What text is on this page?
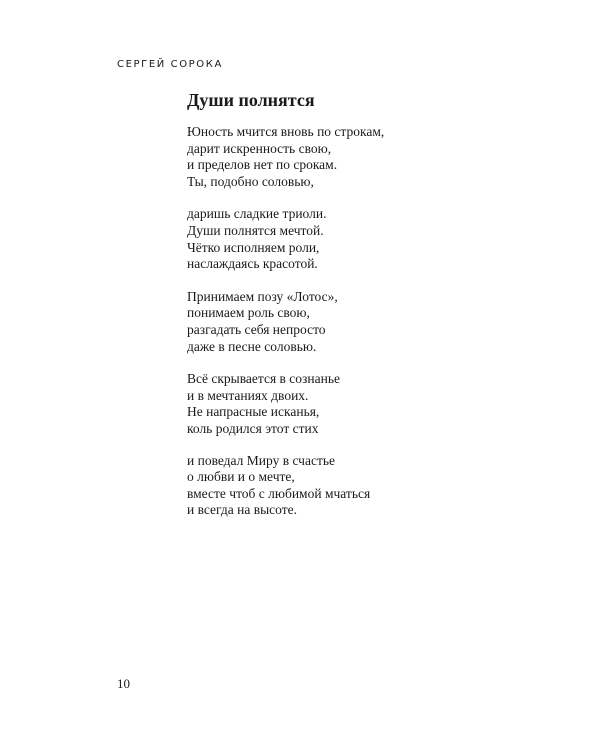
СЕРГЕЙ СОРОКА
Души полнятся
Юность мчится вновь по строкам,
дарит искренность свою,
и пределов нет по срокам.
Ты, подобно соловью,
даришь сладкие триоли.
Души полнятся мечтой.
Чётко исполняем роли,
наслаждаясь красотой.
Принимаем позу «Лотос»,
понимаем роль свою,
разгадать себя непросто
даже в песне соловью.
Всё скрывается в сознанье
и в мечтаниях двоих.
Не напрасные исканья,
коль родился этот стих
и поведал Миру в счастье
о любви и о мечте,
вместе чтоб с любимой мчаться
и всегда на высоте.
10
